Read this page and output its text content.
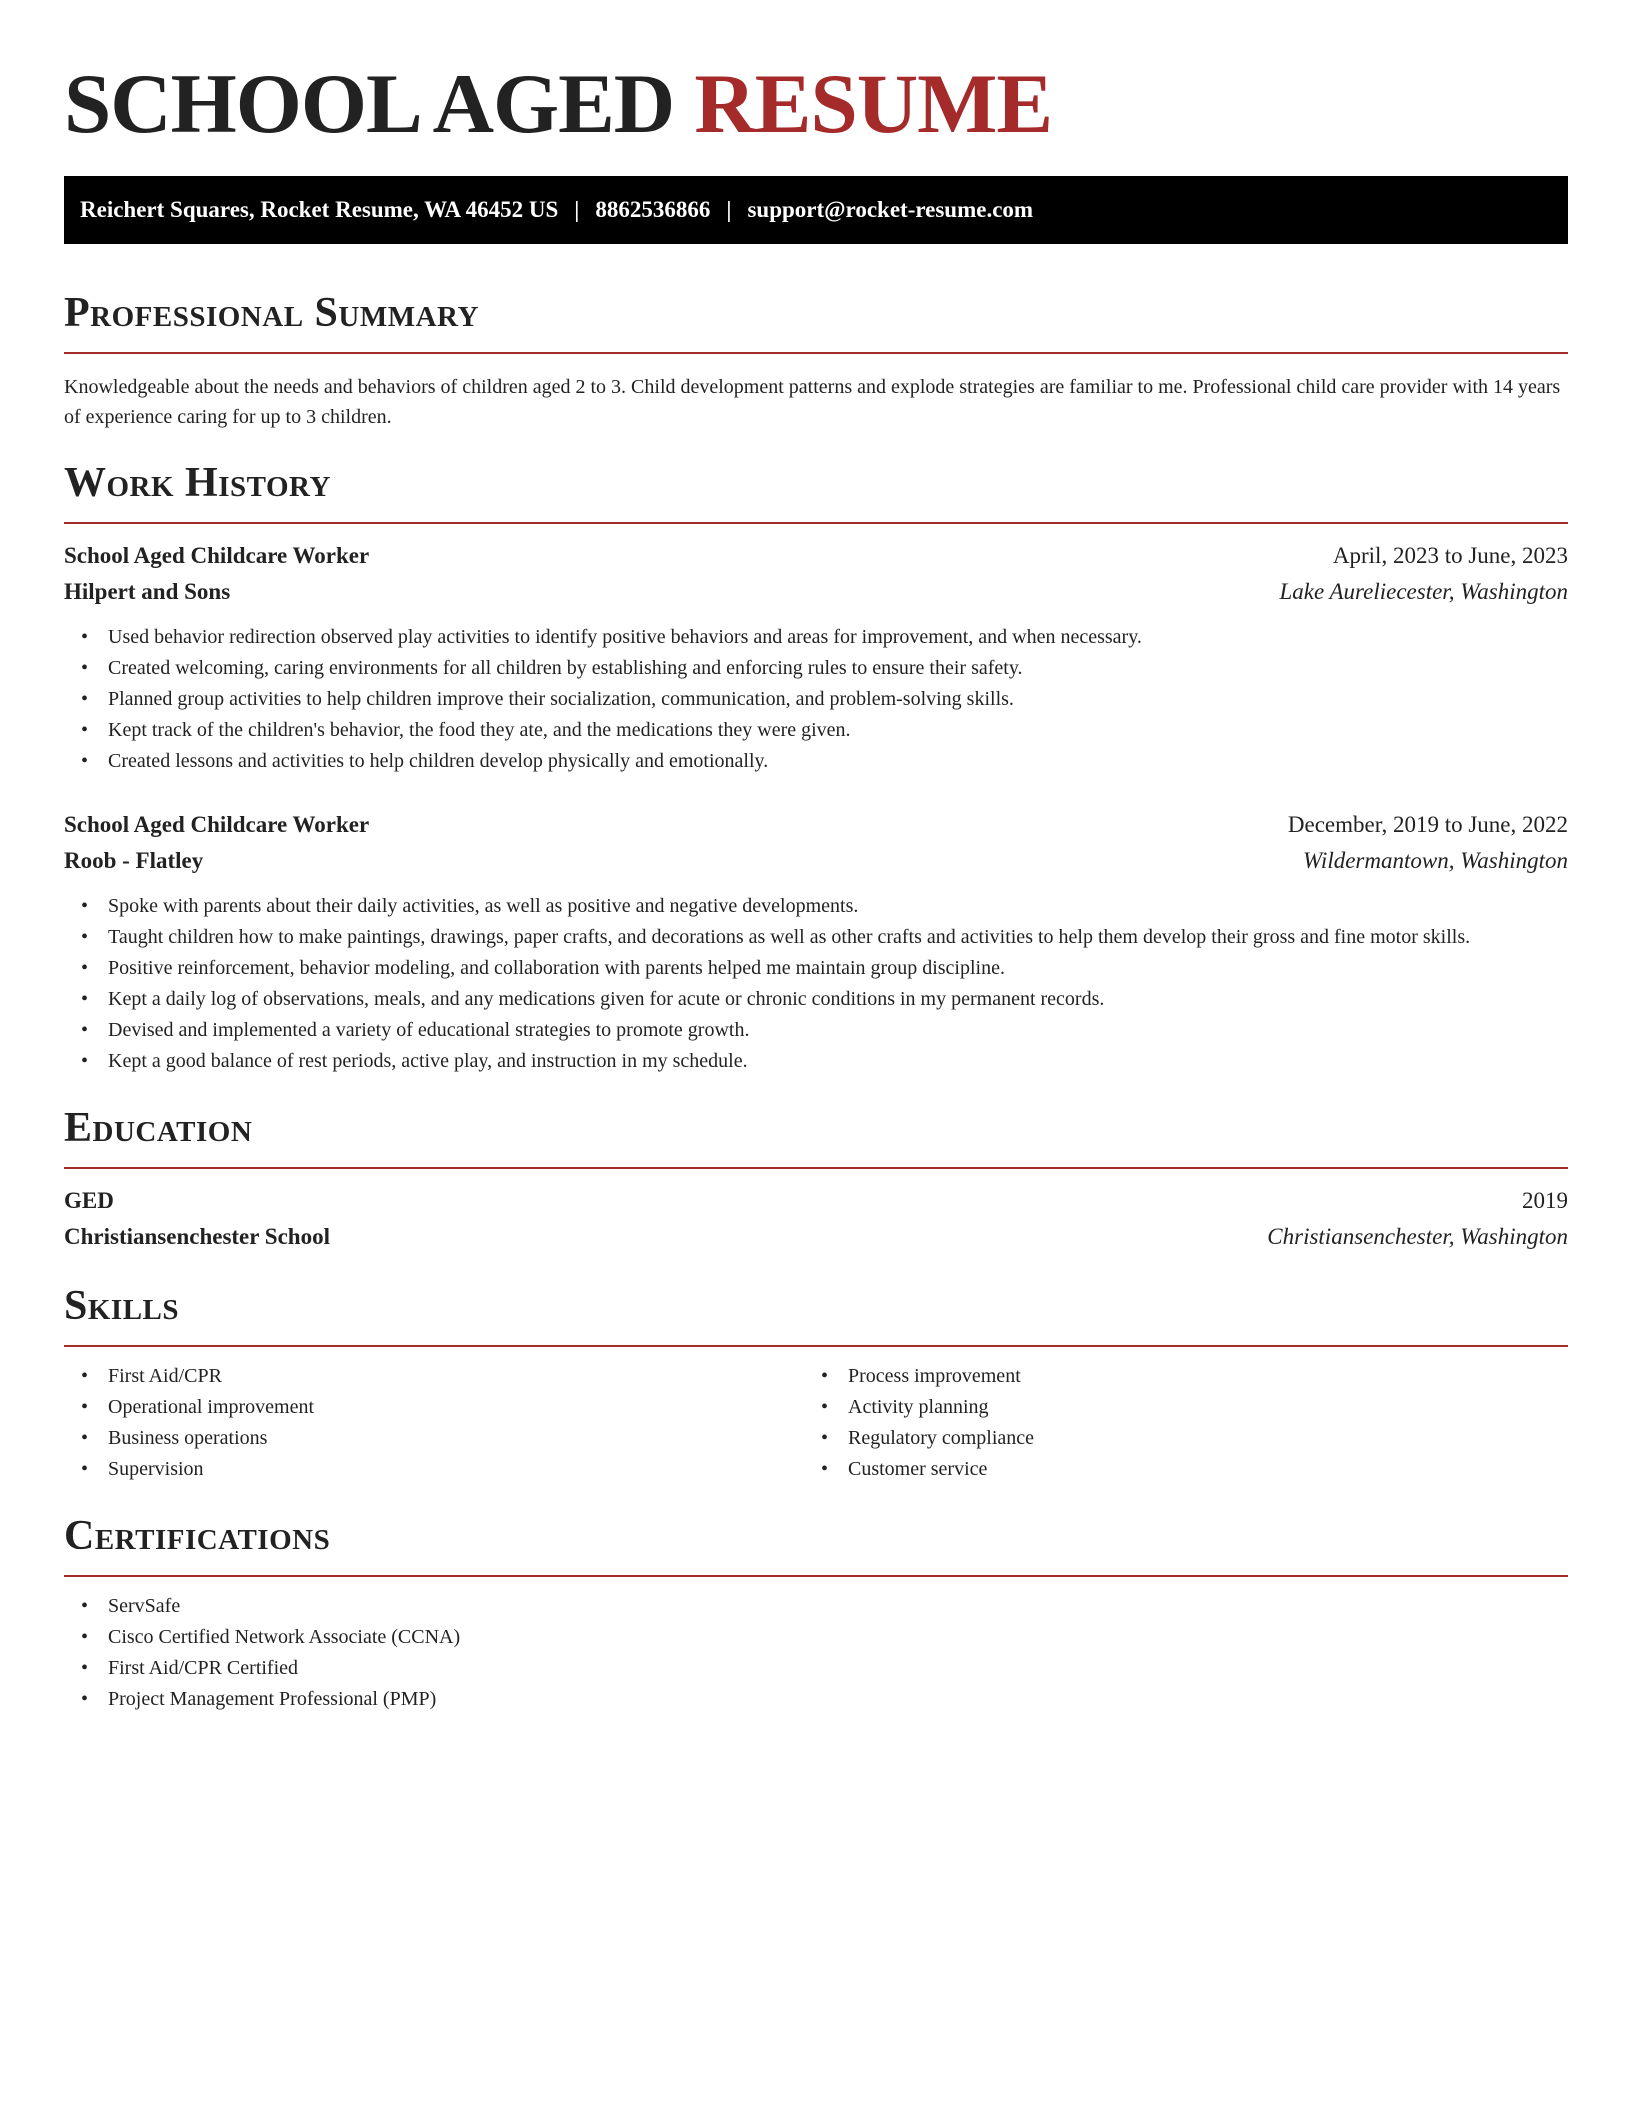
SCHOOL AGED RESUME
Reichert Squares, Rocket Resume, WA 46452 US | 8862536866 | support@rocket-resume.com
Professional Summary

Knowledgeable about the needs and behaviors of children aged 2 to 3. Child development patterns and explode strategies are familiar to me. Professional child care provider with 14 years of experience caring for up to 3 children.

Work History
School Aged Childcare Worker	April, 2023 to June, 2023
Hilpert and Sons	Lake Aureliecester, Washington
• Used behavior redirection observed play activities to identify positive behaviors and areas for improvement, and when necessary.
• Created welcoming, caring environments for all children by establishing and enforcing rules to ensure their safety.
• Planned group activities to help children improve their socialization, communication, and problem-solving skills.
• Kept track of the children's behavior, the food they ate, and the medications they were given.
• Created lessons and activities to help children develop physically and emotionally.
School Aged Childcare Worker	December, 2019 to June, 2022
Roob - Flatley	Wildermantown, Washington
• Spoke with parents about their daily activities, as well as positive and negative developments.
• Taught children how to make paintings, drawings, paper crafts, and decorations as well as other crafts and activities to help them develop their gross and fine motor skills.
• Positive reinforcement, behavior modeling, and collaboration with parents helped me maintain group discipline.
• Kept a daily log of observations, meals, and any medications given for acute or chronic conditions in my permanent records.
• Devised and implemented a variety of educational strategies to promote growth.
• Kept a good balance of rest periods, active play, and instruction in my schedule.
Education
GED	2019
Christiansenchester School	Christiansenchester, Washington
Skills
• First Aid/CPR
• Operational improvement
• Business operations
• Supervision
• Process improvement
• Activity planning
• Regulatory compliance
• Customer service
Certifications
• ServSafe
• Cisco Certified Network Associate (CCNA)
• First Aid/CPR Certified
• Project Management Professional (PMP)
